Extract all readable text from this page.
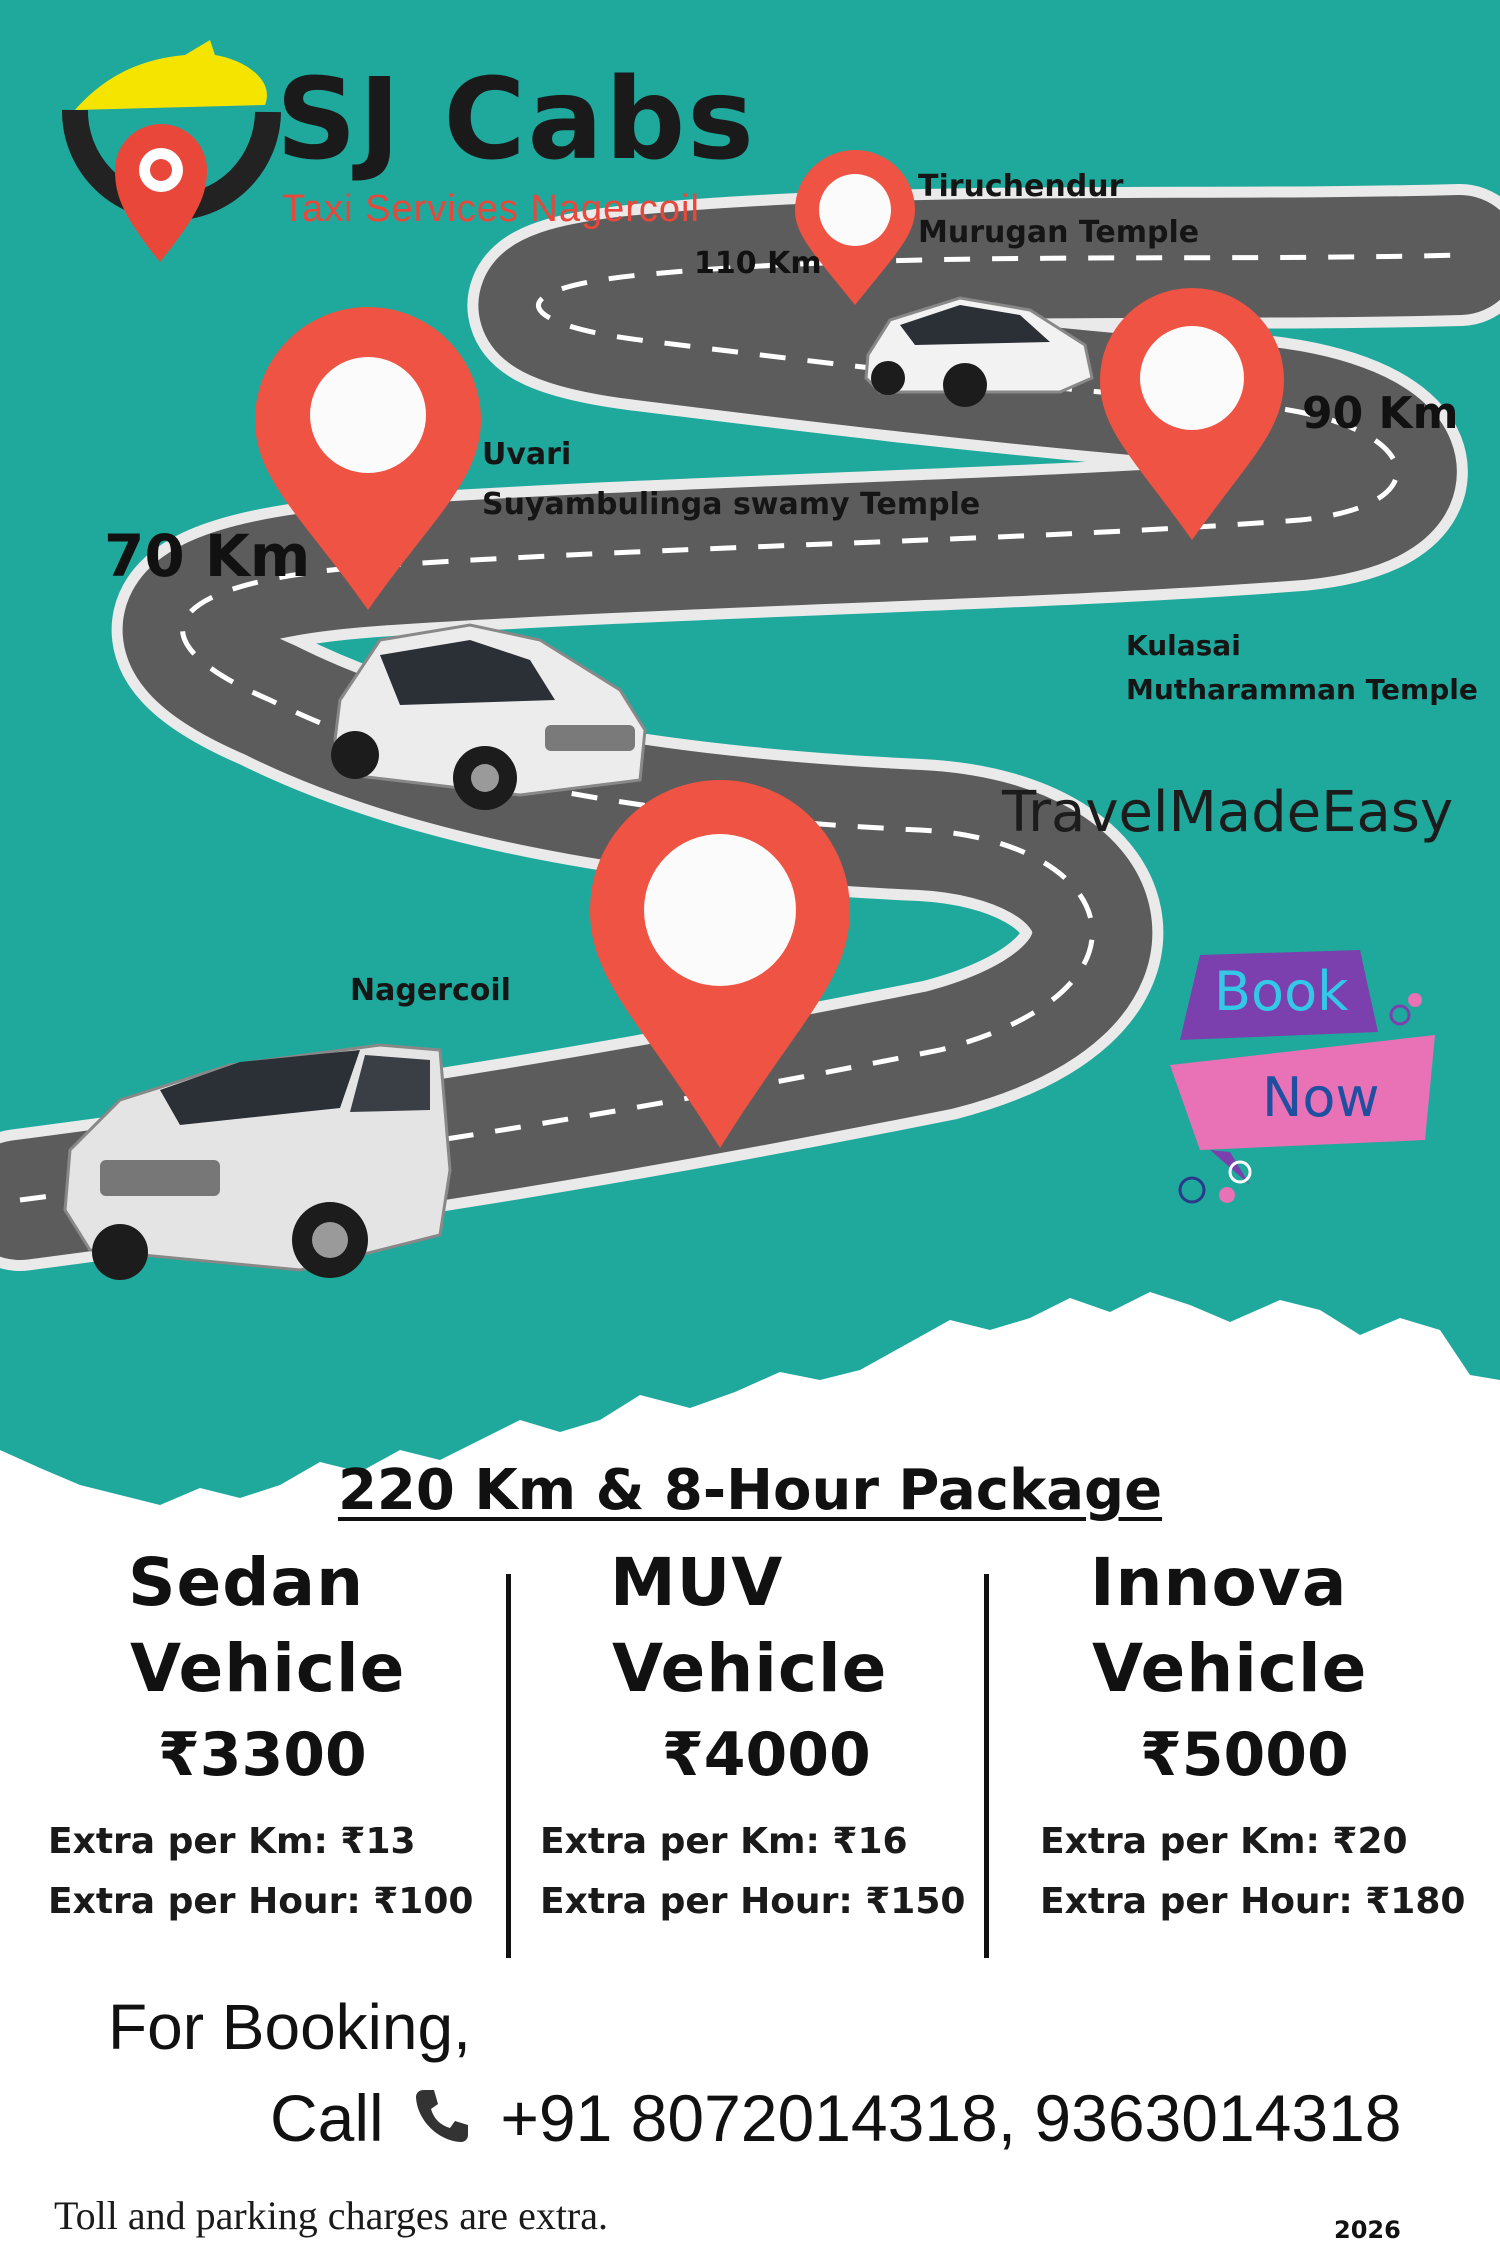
SJ Cabs
Taxi Services Nagercoil
Tiruchendur
Murugan Temple
110 Km
90 Km
Kulasai
Mutharamman Temple
Uvari
Suyambulinga swamy Temple
70 Km
Nagercoil
TravelMadeEasy
Book
Now
220 Km & 8-Hour Package
Sedan
Vehicle
₹3300
Extra per Km: ₹13
Extra per Hour: ₹100
MUV
Vehicle
₹4000
Extra per Km: ₹16
Extra per Hour: ₹150
Innova
Vehicle
₹5000
Extra per Km: ₹20
Extra per Hour: ₹180
For Booking,
Call +91 8072014318, 9363014318
Toll and parking charges are extra.	2026
